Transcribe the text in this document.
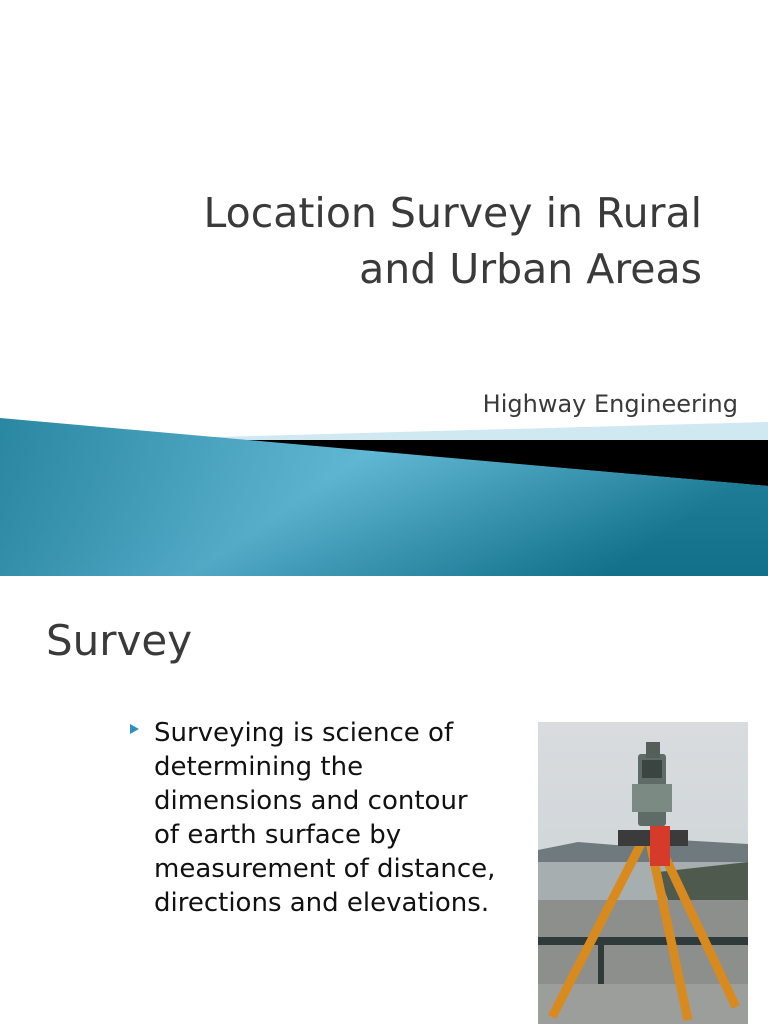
Location Survey in Rural
and Urban Areas
Highway Engineering
Survey
Surveying is science of determining the dimensions and contour of earth surface by measurement of distance, directions and elevations.
